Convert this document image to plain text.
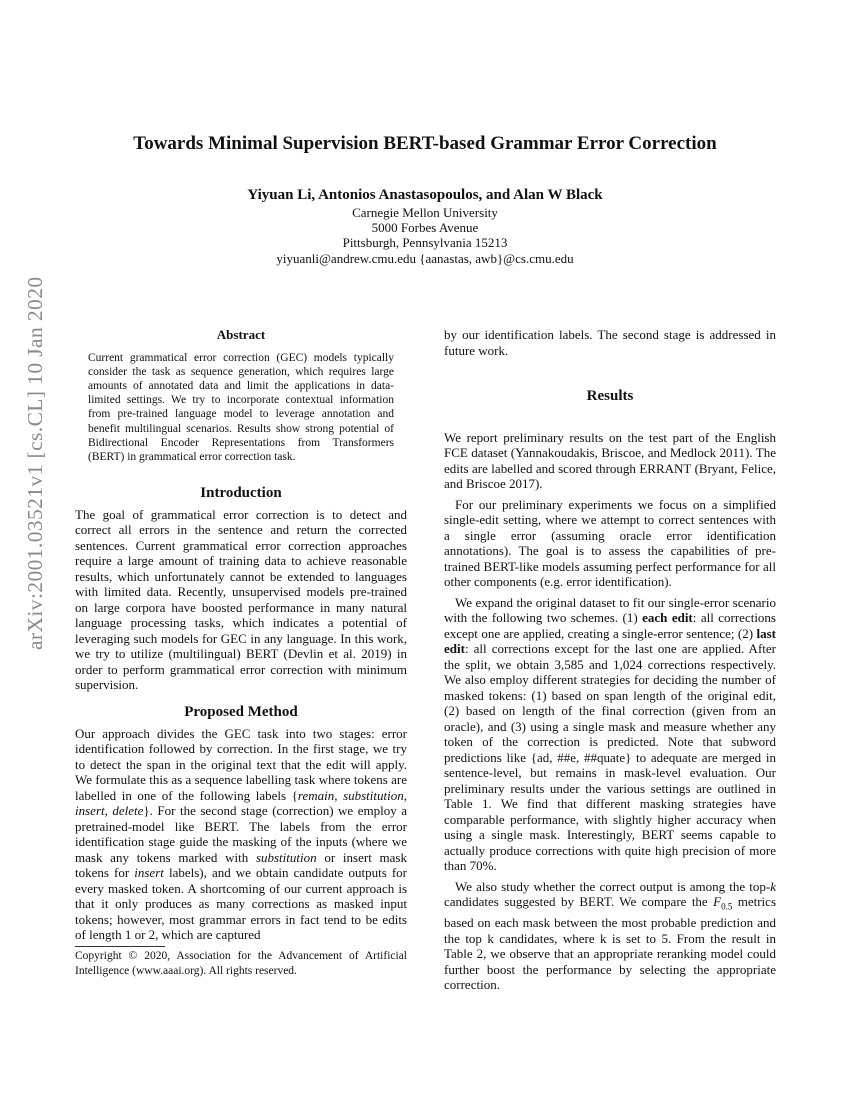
arXiv:2001.03521v1 [cs.CL] 10 Jan 2020
Towards Minimal Supervision BERT-based Grammar Error Correction
Yiyuan Li, Antonios Anastasopoulos, and Alan W Black
Carnegie Mellon University
5000 Forbes Avenue
Pittsburgh, Pennsylvania 15213
yiyuanli@andrew.cmu.edu {aanastas, awb}@cs.cmu.edu
Abstract

Current grammatical error correction (GEC) models typically consider the task as sequence generation, which requires large amounts of annotated data and limit the applications in data-limited settings. We try to incorporate contextual information from pre-trained language model to leverage annotation and benefit multilingual scenarios. Results show strong potential of Bidirectional Encoder Representations from Transformers (BERT) in grammatical error correction task.

Introduction

The goal of grammatical error correction is to detect and correct all errors in the sentence and return the corrected sentences. Current grammatical error correction approaches require a large amount of training data to achieve reasonable results, which unfortunately cannot be extended to languages with limited data. Recently, unsupervised models pre-trained on large corpora have boosted performance in many natural language processing tasks, which indicates a potential of leveraging such models for GEC in any language. In this work, we try to utilize (multilingual) BERT (Devlin et al. 2019) in order to perform grammatical error correction with minimum supervision.

Proposed Method

Our approach divides the GEC task into two stages: error identification followed by correction. In the first stage, we try to detect the span in the original text that the edit will apply. We formulate this as a sequence labelling task where tokens are labelled in one of the following labels {remain, substitution, insert, delete}. For the second stage (correction) we employ a pretrained-model like BERT. The labels from the error identification stage guide the masking of the inputs (where we mask any tokens marked with substitution or insert mask tokens for insert labels), and we obtain candidate outputs for every masked token. A shortcoming of our current approach is that it only produces as many corrections as masked input tokens; however, most grammar errors in fact tend to be edits of length 1 or 2, which are captured

Copyright © 2020, Association for the Advancement of Artificial Intelligence (www.aaai.org). All rights reserved.
by our identification labels. The second stage is addressed in future work.
Results

We report preliminary results on the test part of the English FCE dataset (Yannakoudakis, Briscoe, and Medlock 2011). The edits are labelled and scored through ERRANT (Bryant, Felice, and Briscoe 2017).

For our preliminary experiments we focus on a simplified single-edit setting, where we attempt to correct sentences with a single error (assuming oracle error identification annotations). The goal is to assess the capabilities of pre-trained BERT-like models assuming perfect performance for all other components (e.g. error identification).

We expand the original dataset to fit our single-error scenario with the following two schemes. (1) each edit: all corrections except one are applied, creating a single-error sentence; (2) last edit: all corrections except for the last one are applied. After the split, we obtain 3,585 and 1,024 corrections respectively. We also employ different strategies for deciding the number of masked tokens: (1) based on span length of the original edit, (2) based on length of the final correction (given from an oracle), and (3) using a single mask and measure whether any token of the correction is predicted. Note that subword predictions like {ad, ##e, ##quate} to adequate are merged in sentence-level, but remains in mask-level evaluation. Our preliminary results under the various settings are outlined in Table 1. We find that different masking strategies have comparable performance, with slightly higher accuracy when using a single mask. Interestingly, BERT seems capable to actually produce corrections with quite high precision of more than 70%.

We also study whether the correct output is among the top-k candidates suggested by BERT. We compare the $F_{0.5}$ metrics based on each mask between the most probable prediction and the top k candidates, where k is set to 5. From the result in Table 2, we observe that an appropriate reranking model could further boost the performance by selecting the appropriate correction.
